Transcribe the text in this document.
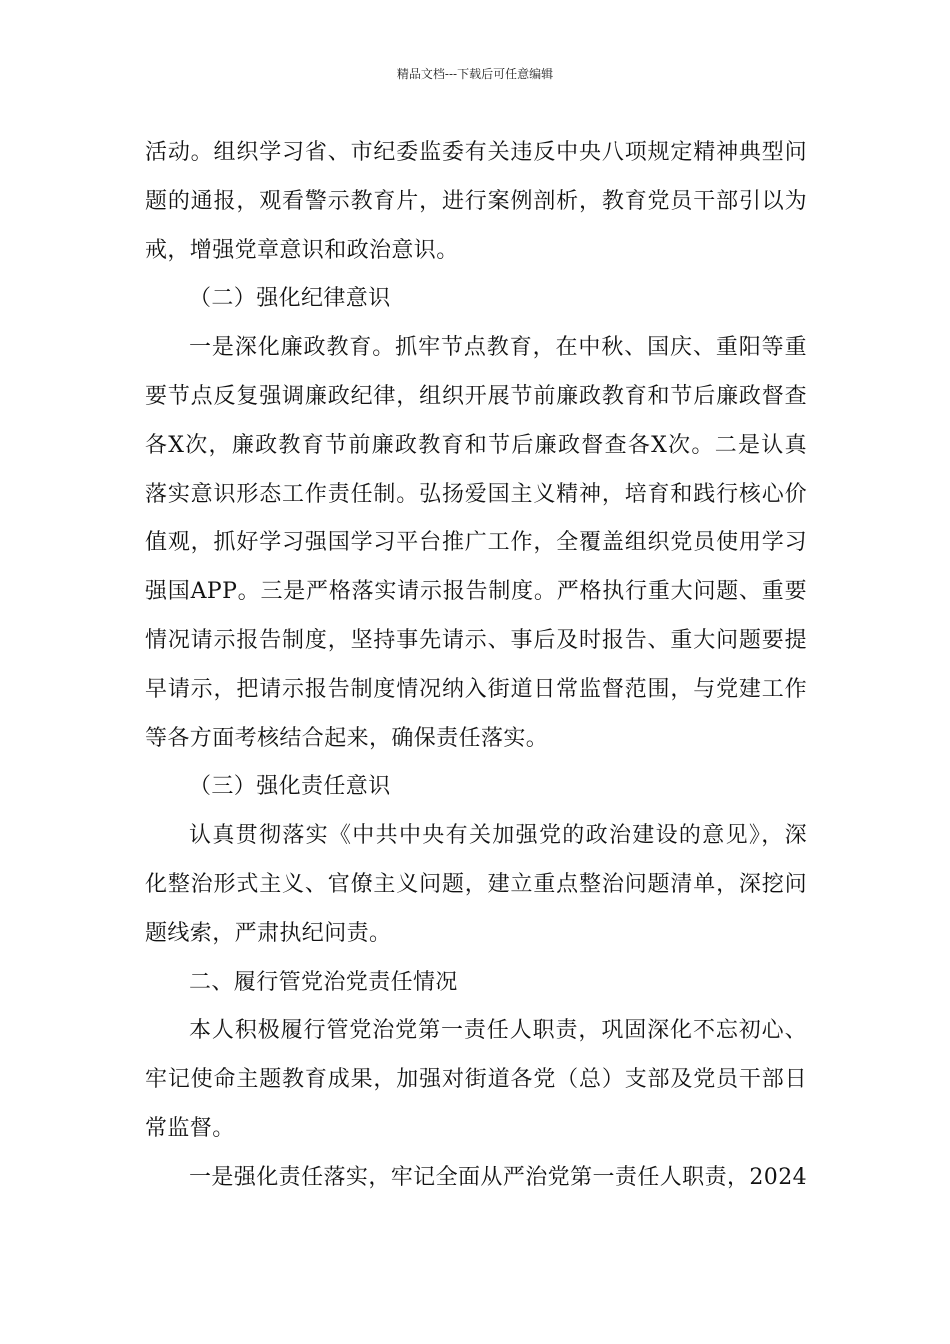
精品文档---下载后可任意编辑
活动。组织学习省、市纪委监委有关违反中央八项规定精神典型问
题的通报，观看警示教育片，进行案例剖析，教育党员干部引以为
戒，增强党章意识和政治意识。
（二）强化纪律意识
一是深化廉政教育。抓牢节点教育，在中秋、国庆、重阳等重
要节点反复强调廉政纪律，组织开展节前廉政教育和节后廉政督查
各X次，廉政教育节前廉政教育和节后廉政督查各X次。二是认真
落实意识形态工作责任制。弘扬爱国主义精神，培育和践行核心价
值观，抓好学习强国学习平台推广工作，全覆盖组织党员使用学习
强国APP。三是严格落实请示报告制度。严格执行重大问题、重要
情况请示报告制度，坚持事先请示、事后及时报告、重大问题要提
早请示，把请示报告制度情况纳入街道日常监督范围，与党建工作
等各方面考核结合起来，确保责任落实。
（三）强化责任意识
认真贯彻落实《中共中央有关加强党的政治建设的意见》，深
化整治形式主义、官僚主义问题，建立重点整治问题清单，深挖问
题线索，严肃执纪问责。
二、履行管党治党责任情况
本人积极履行管党治党第一责任人职责，巩固深化不忘初心、
牢记使命主题教育成果，加强对街道各党（总）支部及党员干部日
常监督。
一是强化责任落实，牢记全面从严治党第一责任人职责，2024
